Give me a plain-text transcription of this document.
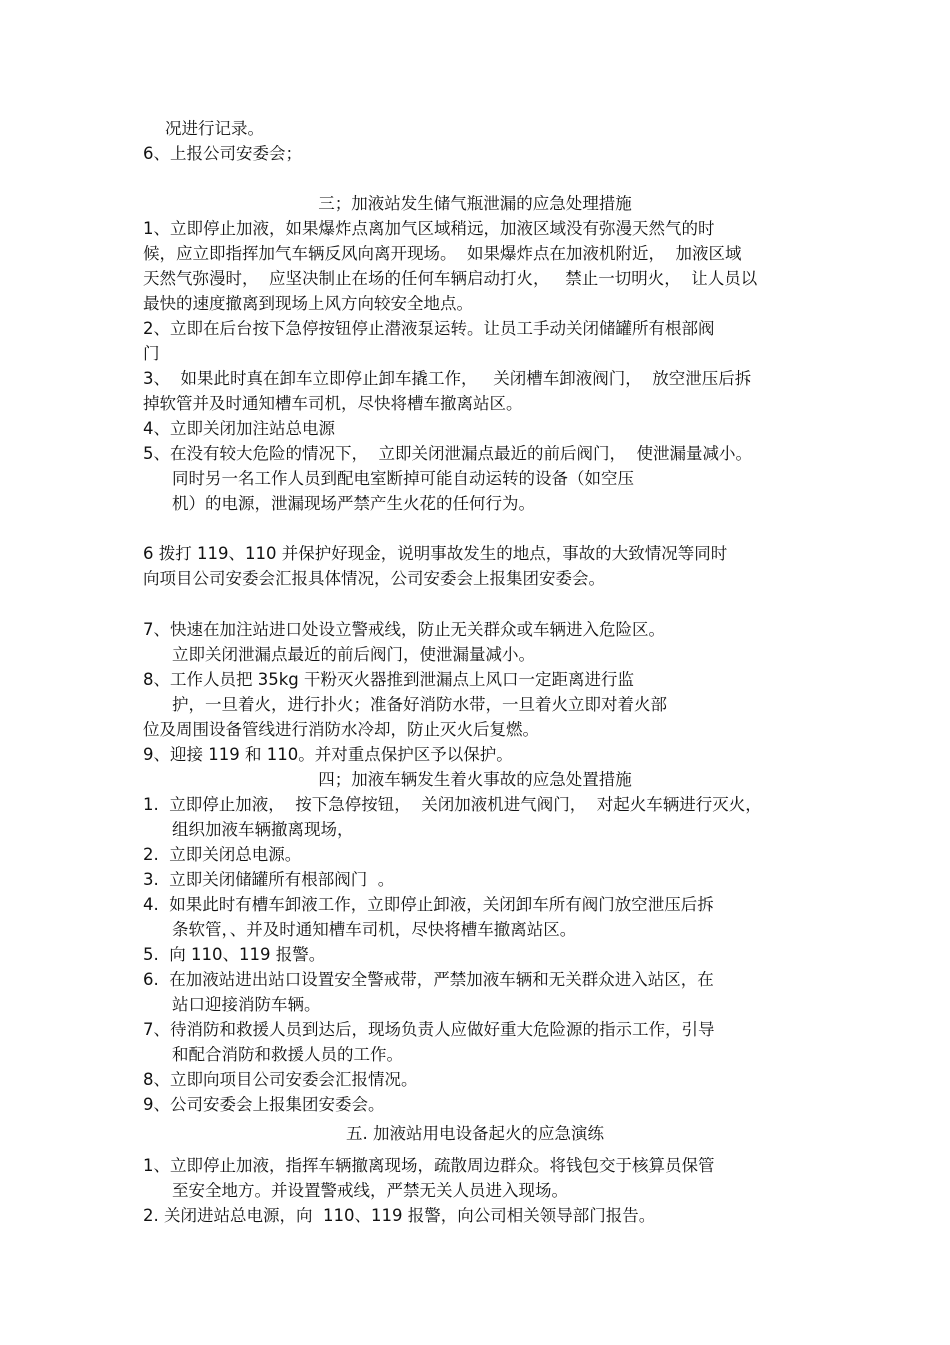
况进行记录。
6、上报公司安委会；
三；加液站发生储气瓶泄漏的应急处理措施
1、立即停止加液，如果爆炸点离加气区域稍远，加液区域没有弥漫天然气的时
候，应立即指挥加气车辆反风向离开现场。  如果爆炸点在加液机附近，  加液区域
天然气弥漫时，  应坚决制止在场的任何车辆启动打火，   禁止一切明火，  让人员以
最快的速度撤离到现场上风方向较安全地点。
2、立即在后台按下急停按钮停止潜液泵运转。让员工手动关闭储罐所有根部阀
门
3、  如果此时真在卸车立即停止卸车撬工作，   关闭槽车卸液阀门，  放空泄压后拆
掉软管并及时通知槽车司机，尽快将槽车撤离站区。
4、立即关闭加注站总电源
5、在没有较大危险的情况下，  立即关闭泄漏点最近的前后阀门，  使泄漏量减小。
同时另一名工作人员到配电室断掉可能自动运转的设备（如空压
机）的电源，泄漏现场严禁产生火花的任何行为。
6 拨打 119、110 并保护好现金，说明事故发生的地点，事故的大致情况等同时
向项目公司安委会汇报具体情况，公司安委会上报集团安委会。
7、快速在加注站进口处设立警戒线，防止无关群众或车辆进入危险区。
立即关闭泄漏点最近的前后阀门，使泄漏量减小。
8、工作人员把 35kg 干粉灭火器推到泄漏点上风口一定距离进行监
护，一旦着火，进行扑火；准备好消防水带，一旦着火立即对着火部
位及周围设备管线进行消防水冷却，防止灭火后复燃。
9、迎接 119 和 110。并对重点保护区予以保护。
四；加液车辆发生着火事故的应急处置措施
1.  立即停止加液，  按下急停按钮，  关闭加液机进气阀门，  对起火车辆进行灭火，
组织加液车辆撤离现场，
2.  立即关闭总电源。
3.  立即关闭储罐所有根部阀门  。
4.  如果此时有槽车卸液工作，立即停止卸液，关闭卸车所有阀门放空泄压后拆
条软管，、并及时通知槽车司机，尽快将槽车撤离站区。
5.  向 110、119 报警。
6.  在加液站进出站口设置安全警戒带，严禁加液车辆和无关群众进入站区，在
站口迎接消防车辆。
7、待消防和救援人员到达后，现场负责人应做好重大危险源的指示工作，引导
和配合消防和救援人员的工作。
8、立即向项目公司安委会汇报情况。
9、公司安委会上报集团安委会。
五. 加液站用电设备起火的应急演练
1、立即停止加液，指挥车辆撤离现场，疏散周边群众。将钱包交于核算员保管
至安全地方。并设置警戒线，严禁无关人员进入现场。
2. 关闭进站总电源，向  110、119 报警，向公司相关领导部门报告。
